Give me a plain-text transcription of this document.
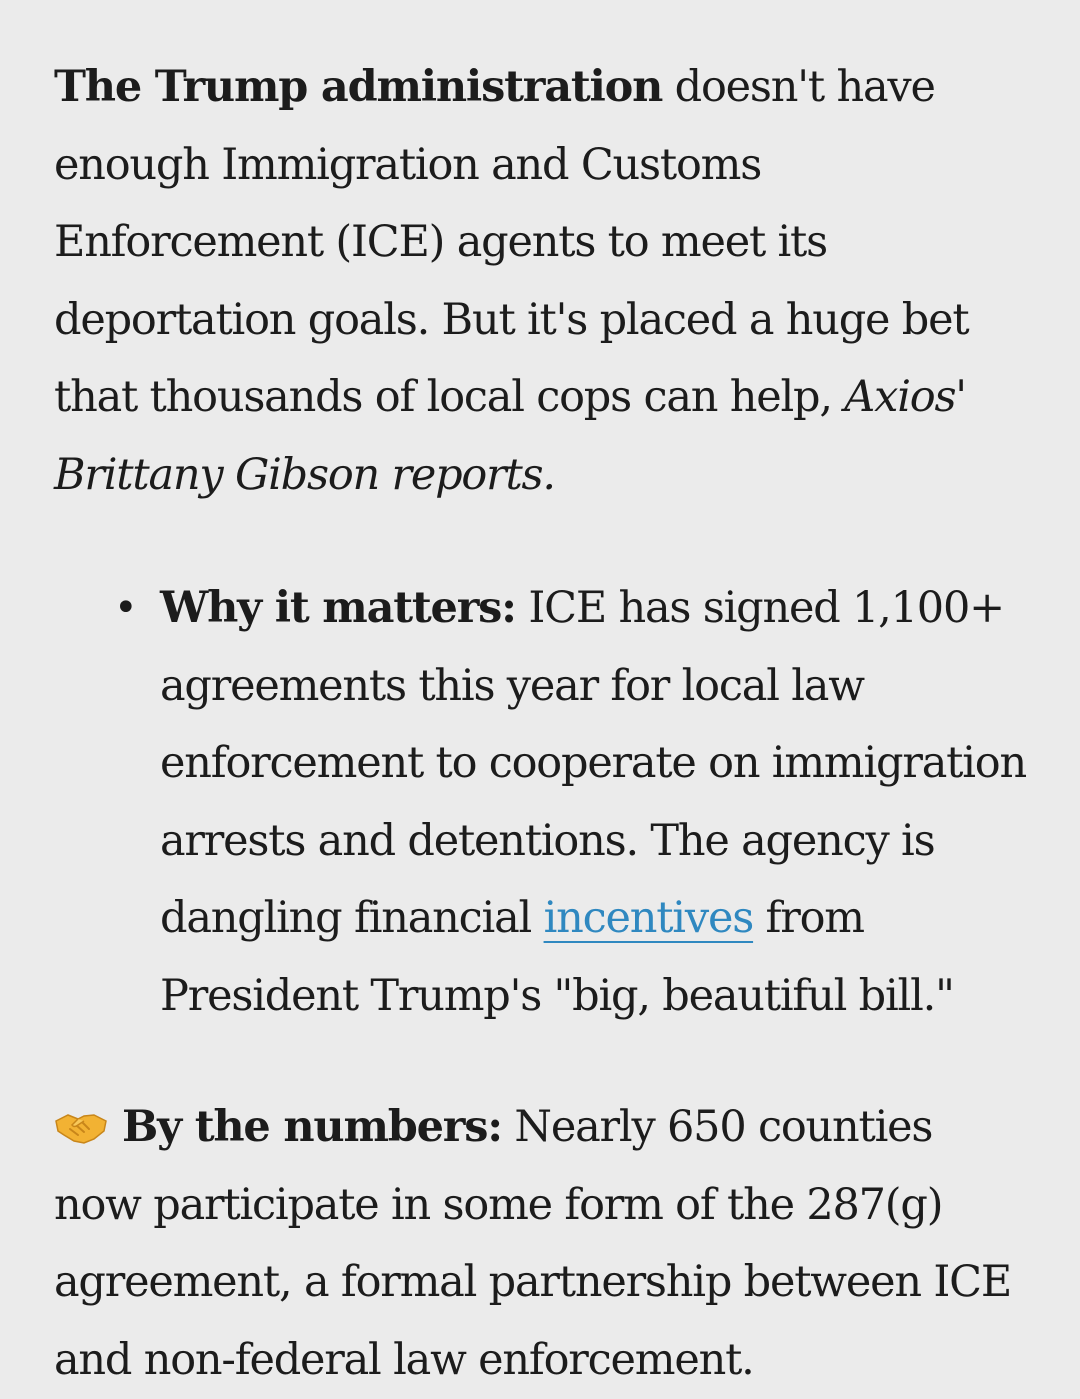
The Trump administration doesn't have enough Immigration and Customs Enforcement (ICE) agents to meet its deportation goals. But it's placed a huge bet that thousands of local cops can help, Axios' Brittany Gibson reports.

• Why it matters: ICE has signed 1,100+ agreements this year for local law enforcement to cooperate on immigration arrests and detentions. The agency is dangling financial incentives from President Trump's "big, beautiful bill."

By the numbers: Nearly 650 counties now participate in some form of the 287(g) agreement, a formal partnership between ICE and non-federal law enforcement.
